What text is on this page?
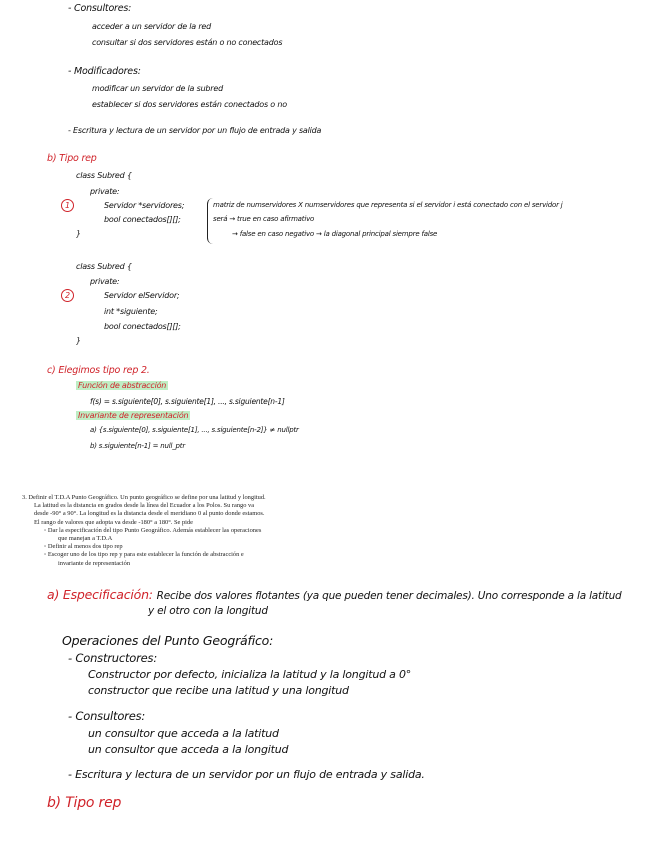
- Consultores:
acceder a un servidor de la red
consultar si dos servidores están o no conectados
- Modificadores:
modificar un servidor de la subred
establecer si dos servidores están conectados o no
- Escritura y lectura de un servidor por un flujo de entrada y salida
b) Tipo rep
class Subred {
private:
1	Servidor *servidores;
bool conectados[][];
}
matriz de numservidores X numservidores que representa si el servidor i está conectado con el servidor j
será → true en caso afirmativo
→ false en caso negativo → la diagonal principal siempre false
class Subred {
private:
2	Servidor elServidor;
int *siguiente;
bool conectados[][];
}
c) Elegimos tipo rep 2.
Función de abstracción
f(s) = s.siguiente[0], s.siguiente[1], ..., s.siguiente[n-1]
Invariante de representación
a) {s.siguiente[0], s.siguiente[1], ..., s.siguiente[n-2]} ≠ nullptr
b) s.siguiente[n-1] = null_ptr
3. Definir el T.D.A Punto Geográfico. Un punto geográfico se define por una latitud y longitud.
La latitud es la distancia en grados desde la línea del Ecuador a los Polos. Su rango va
desde -90° a 90°. La longitud es la distancia desde el meridiano 0 al punto donde estamos.
El rango de valores que adopta va desde -180° a 180°. Se pide
◦ Dar la especificación del tipo Punto Geográfico. Además establecer las operaciones
que manejan a T.D.A
◦ Definir al menos dos tipo rep
◦ Escoger uno de los tipo rep y para este establecer la función de abstracción e
invariante de representación
a) Especificación: Recibe dos valores flotantes (ya que pueden tener decimales). Uno corresponde a la latitud
y el otro con la longitud
Operaciones del Punto Geográfico:
- Constructores:
Constructor por defecto, inicializa la latitud y la longitud a 0°
constructor que recibe una latitud y una longitud
- Consultores:
un consultor que acceda a la latitud
un consultor que acceda a la longitud
- Escritura y lectura de un servidor por un flujo de entrada y salida.
b) Tipo rep
